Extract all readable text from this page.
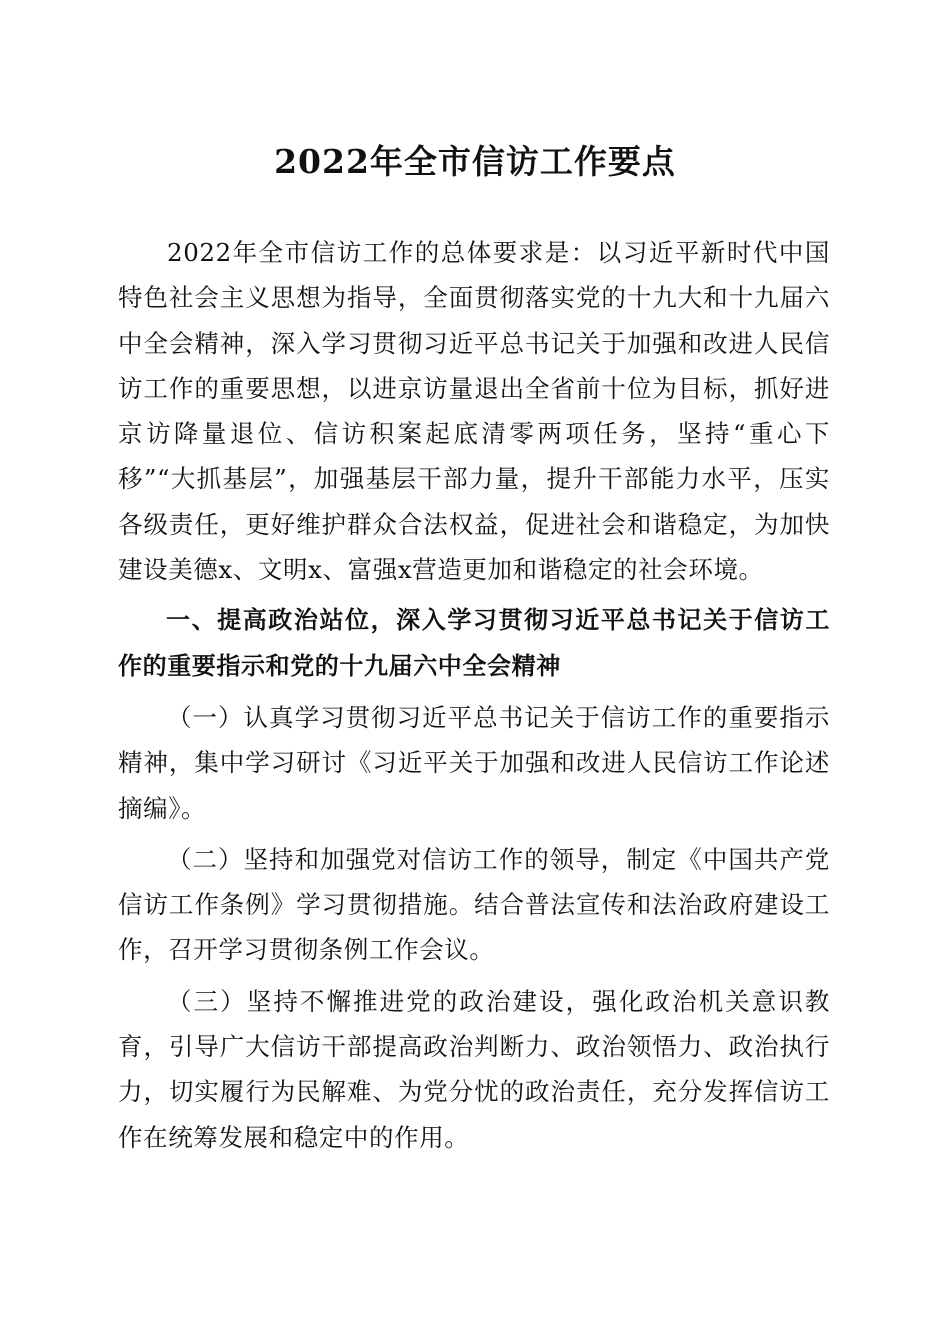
2022年全市信访工作要点

2022年全市信访工作的总体要求是：以习近平新时代中国特色社会主义思想为指导，全面贯彻落实党的十九大和十九届六中全会精神，深入学习贯彻习近平总书记关于加强和改进人民信访工作的重要思想，以进京访量退出全省前十位为目标，抓好进京访降量退位、信访积案起底清零两项任务，坚持“重心下移”“大抓基层”，加强基层干部力量，提升干部能力水平，压实各级责任，更好维护群众合法权益，促进社会和谐稳定，为加快建设美德x、文明x、富强x营造更加和谐稳定的社会环境。

一、提高政治站位，深入学习贯彻习近平总书记关于信访工作的重要指示和党的十九届六中全会精神

（一）认真学习贯彻习近平总书记关于信访工作的重要指示精神，集中学习研讨《习近平关于加强和改进人民信访工作论述摘编》。

（二）坚持和加强党对信访工作的领导，制定《中国共产党信访工作条例》学习贯彻措施。结合普法宣传和法治政府建设工作，召开学习贯彻条例工作会议。

（三）坚持不懈推进党的政治建设，强化政治机关意识教育，引导广大信访干部提高政治判断力、政治领悟力、政治执行力，切实履行为民解难、为党分忧的政治责任，充分发挥信访工作在统筹发展和稳定中的作用。
